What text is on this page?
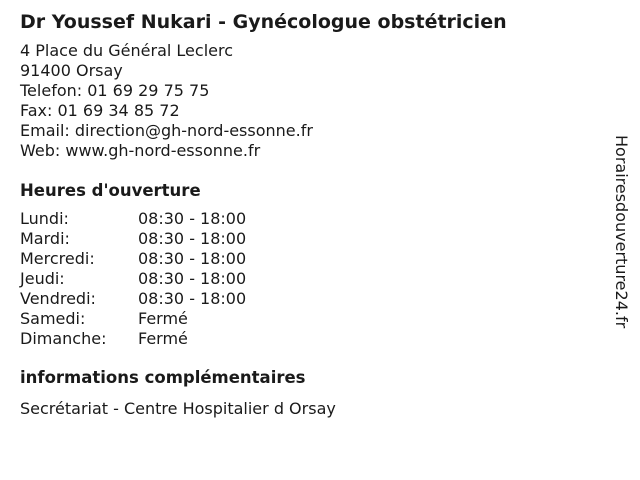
Dr Youssef Nukari - Gynécologue obstétricien
4 Place du Général Leclerc
91400 Orsay
Telefon: 01 69 29 75 75
Fax: 01 69 34 85 72
Email: direction@gh-nord-essonne.fr
Web: www.gh-nord-essonne.fr
Heures d'ouverture
Lundi:	08:30 - 18:00
Mardi:	08:30 - 18:00
Mercredi:	08:30 - 18:00
Jeudi:	08:30 - 18:00
Vendredi:	08:30 - 18:00
Samedi:	Fermé
Dimanche:	Fermé
informations complémentaires
Secrétariat - Centre Hospitalier d Orsay
Horairesdouverture24.fr
